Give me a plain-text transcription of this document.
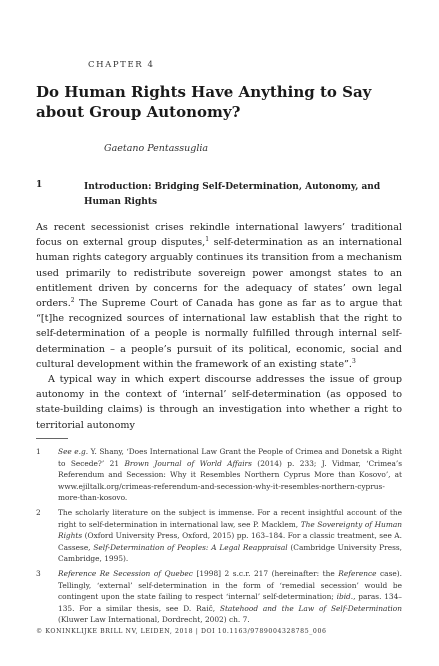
CHAPTER 4
Do Human Rights Have Anything to Say about Group Autonomy?
Gaetano Pentassuglia
1	Introduction: Bridging Self-Determination, Autonomy, and Human Rights

As recent secessionist crises rekindle international lawyers’ traditional focus on external group disputes,$^1$ self-determination as an international human rights category arguably continues its transition from a mechanism used primarily to redistribute sovereign power amongst states to an entitlement driven by concerns for the adequacy of states’ own legal orders.$^2$ The Supreme Court of Canada has gone as far as to argue that “[t]he recognized sources of international law establish that the right to self-determination of a people is normally fulfilled through internal self-determination – a people’s pursuit of its political, economic, social and cultural development within the framework of an existing state”.$^3$

A typical way in which expert discourse addresses the issue of group autonomy in the context of ‘internal’ self-determination (as opposed to state-building claims) is through an investigation into whether a right to territorial autonomy

1 See e.g. Y. Shany, ‘Does International Law Grant the People of Crimea and Donetsk a Right to Secede?’ 21 Brown Journal of World Affairs (2014) p. 233; J. Vidmar, ‘Crimea’s Referendum and Secession: Why it Resembles Northern Cyprus More than Kosovo’, at www.ejiltalk.org/crimeas-referendum-and-secession-why-it-resembles-northern-cyprus-more-than-kosovo.
2 The scholarly literature on the subject is immense. For a recent insightful account of the right to self-determination in international law, see P. Macklem, The Sovereignty of Human Rights (Oxford University Press, Oxford, 2015) pp. 163–184. For a classic treatment, see A. Cassese, Self-Determination of Peoples: A Legal Reappraisal (Cambridge University Press, Cambridge, 1995).
3 Reference Re Secession of Quebec [1998] 2 s.c.r. 217 (hereinafter: the Reference case). Tellingly, ‘external’ self-determination in the form of ‘remedial secession’ would be contingent upon the state failing to respect ‘internal’ self-determination; ibid., paras. 134–135. For a similar thesis, see D. Raič, Statehood and the Law of Self-Determination (Kluwer Law International, Dordrecht, 2002) ch. 7.
© KONINKLIJKE BRILL NV, LEIDEN, 2018 | DOI 10.1163/9789004328785_006
